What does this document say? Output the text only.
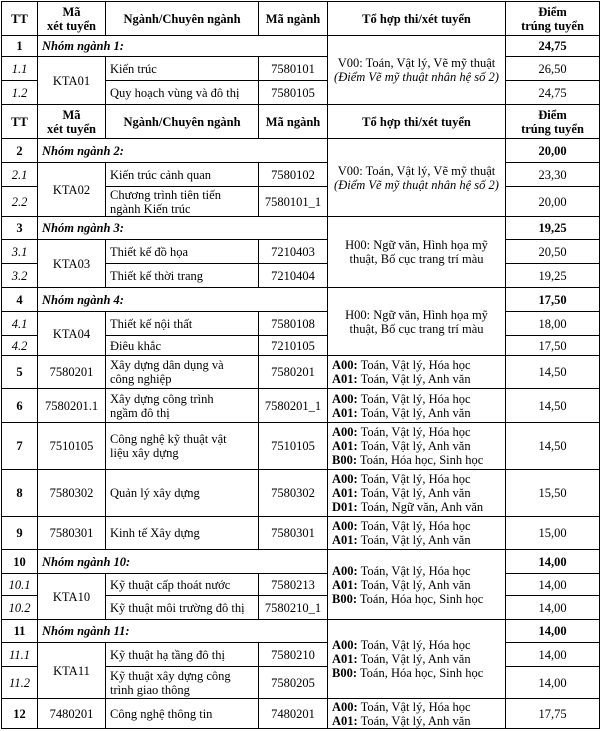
TT	Mã
xét tuyển	Ngành/Chuyên ngành	Mã ngành	Tổ hợp thi/xét tuyển	Điểm
trúng tuyển

1	Nhóm ngành 1:			V00: Toán, Vật lý, Vẽ mỹ thuật
(Điểm Vẽ mỹ thuật nhân hệ số 2)	24,75
1.1	KTA01	Kiến trúc	7580101		26,50
1.2		Quy hoạch vùng và đô thị	7580105		24,75
TT	Mã
xét tuyển	Ngành/Chuyên ngành	Mã ngành	Tổ hợp thi/xét tuyển	Điểm
trúng tuyển

2	Nhóm ngành 2:			V00: Toán, Vật lý, Vẽ mỹ thuật
(Điểm Vẽ mỹ thuật nhân hệ số 2)	20,00
2.1	KTA02	Kiến trúc cảnh quan	7580102		23,30
2.2		Chương trình tiên tiến
ngành Kiến trúc	7580101_1		20,00
3	Nhóm ngành 3:			H00: Ngữ văn, Hình họa mỹ
thuật, Bố cục trang trí màu	19,25
3.1	KTA03	Thiết kế đồ họa	7210403		20,50
3.2		Thiết kế thời trang	7210404		19,25
4	Nhóm ngành 4:			H00: Ngữ văn, Hình họa mỹ
thuật, Bố cục trang trí màu	17,50
4.1	KTA04	Thiết kế nội thất	7580108		18,00
4.2		Điêu khắc	7210105		17,50
5	7580201	Xây dựng dân dụng và
công nghiệp	7580201	A00: Toán, Vật lý, Hóa học
A01: Toán, Vật lý, Anh văn	14,50
6	7580201.1	Xây dựng công trình
ngầm đô thị	7580201_1	A00: Toán, Vật lý, Hóa học
A01: Toán, Vật lý, Anh văn	14,50
7	7510105	Công nghệ kỹ thuật vật
liệu xây dựng	7510105	A00: Toán, Vật lý, Hóa học
A01: Toán, Vật lý, Anh văn
B00: Toán, Hóa học, Sinh học	14,50
8	7580302	Quản lý xây dựng	7580302	A00: Toán, Vật lý, Hóa học
A01: Toán, Vật lý, Anh văn
D01: Toán, Ngữ văn, Anh văn	15,50
9	7580301	Kinh tế Xây dựng	7580301	A00: Toán, Vật lý, Hóa học
A01: Toán, Vật lý, Anh văn	15,00
10	Nhóm ngành 10:			A00: Toán, Vật lý, Hóa học
A01: Toán, Vật lý, Anh văn
B00: Toán, Hóa học, Sinh học	14,00
10.1	KTA10	Kỹ thuật cấp thoát nước	7580213		14,00
10.2		Kỹ thuật môi trường đô thị	7580210_1		14,00
11	Nhóm ngành 11:			A00: Toán, Vật lý, Hóa học
A01: Toán, Vật lý, Anh văn
B00: Toán, Hóa học, Sinh học	14,00
11.1	KTA11	Kỹ thuật hạ tầng đô thị	7580210		14,00
11.2		Kỹ thuật xây dựng công
trình giao thông	7580205		14,00
12	7480201	Công nghệ thông tin	7480201	A00: Toán, Vật lý, Hóa học
A01: Toán, Vật lý, Anh văn	17,75
